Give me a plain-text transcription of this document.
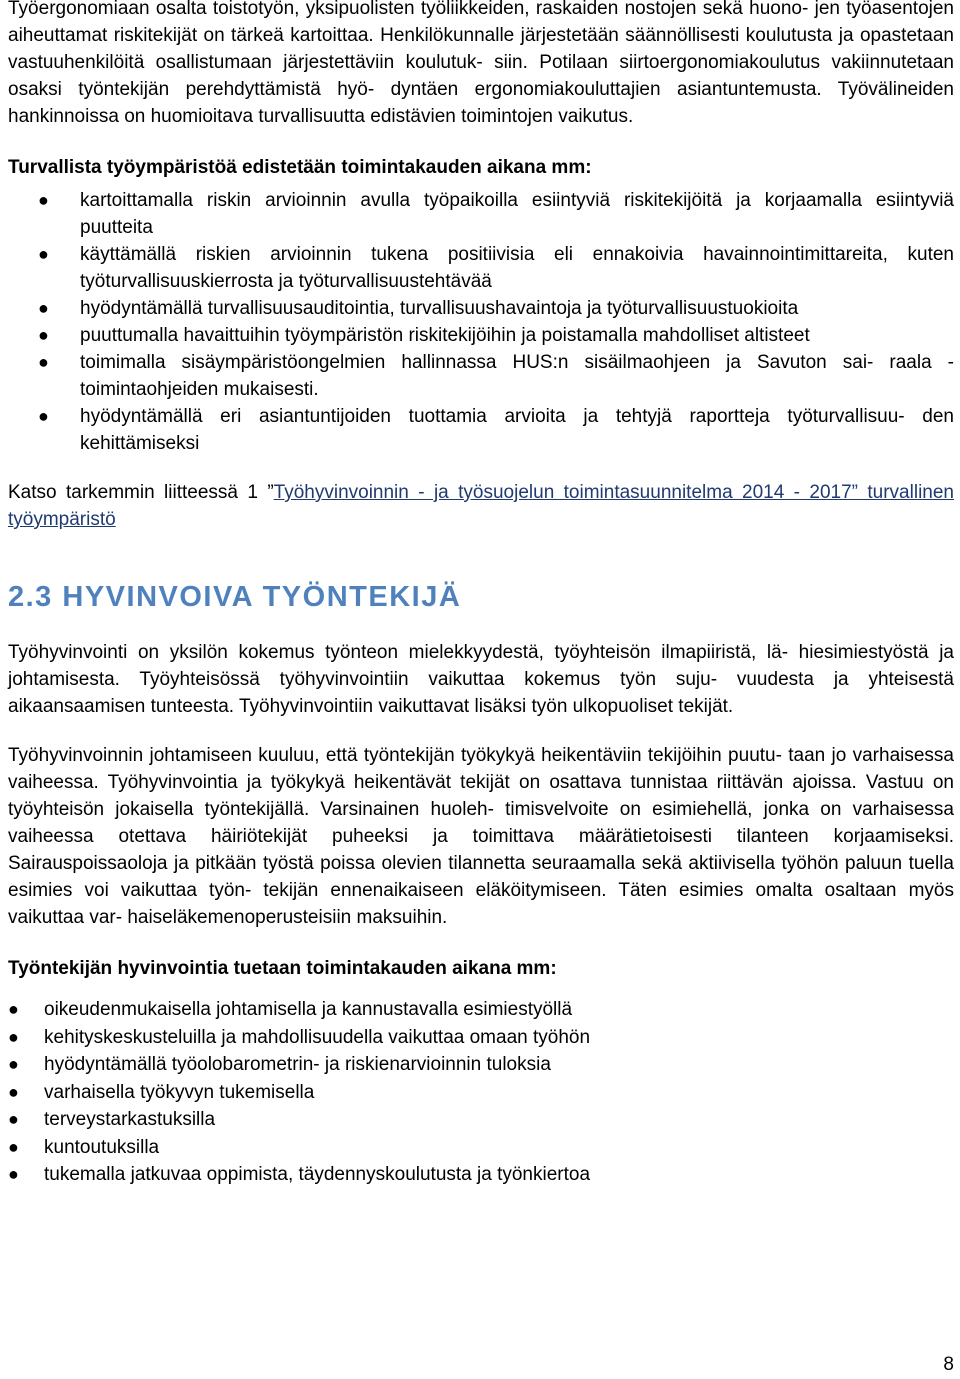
Työergonomiaan osalta toistotyön, yksipuolisten työliikkeiden, raskaiden nostojen sekä huono- jen työasentojen aiheuttamat riskitekijät on tärkeä kartoittaa. Henkilökunnalle järjestetään säännöllisesti koulutusta ja opastetaan vastuuhenkilöitä osallistumaan järjestettäviin koulutuk- siin. Potilaan siirtoergonomiakoulutus vakiinnutetaan osaksi työntekijän perehdyttämistä hyö- dyntäen ergonomiakouluttajien asiantuntemusta. Työvälineiden hankinnoissa on huomioitava turvallisuutta edistävien toimintojen vaikutus.

Turvallista työympäristöä edistetään toimintakauden aikana mm:
● kartoittamalla riskin arvioinnin avulla työpaikoilla esiintyviä riskitekijöitä ja korjaamalla esiintyviä puutteita
● käyttämällä riskien arvioinnin tukena positiivisia eli ennakoivia havainnointimittareita, kuten työturvallisuuskierrosta ja työturvallisuustehtävää
● hyödyntämällä turvallisuusauditointia, turvallisuushavaintoja ja työturvallisuustuokioita
● puuttumalla havaittuihin työympäristön riskitekijöihin ja poistamalla mahdolliset altisteet
● toimimalla sisäympäristöongelmien hallinnassa HUS:n sisäilmaohjeen ja Savuton sai- raala - toimintaohjeiden mukaisesti.
● hyödyntämällä eri asiantuntijoiden tuottamia arvioita ja tehtyjä raportteja työturvallisuu- den kehittämiseksi

Katso tarkemmin liitteessä 1 ”Työhyvinvoinnin - ja työsuojelun toimintasuunnitelma 2014 - 2017” turvallinen työympäristö

2.3 HYVINVOIVA TYÖNTEKIJÄ

Työhyvinvointi on yksilön kokemus työnteon mielekkyydestä, työyhteisön ilmapiiristä, lä- hiesimiestyöstä ja johtamisesta. Työyhteisössä työhyvinvointiin vaikuttaa kokemus työn suju- vuudesta ja yhteisestä aikaansaamisen tunteesta. Työhyvinvointiin vaikuttavat lisäksi työn ulkopuoliset tekijät.

Työhyvinvoinnin johtamiseen kuuluu, että työntekijän työkykyä heikentäviin tekijöihin puutu- taan jo varhaisessa vaiheessa. Työhyvinvointia ja työkykyä heikentävät tekijät on osattava tunnistaa riittävän ajoissa. Vastuu on työyhteisön jokaisella työntekijällä. Varsinainen huoleh- timisvelvoite on esimiehellä, jonka on varhaisessa vaiheessa otettava häiriötekijät puheeksi ja toimittava määrätietoisesti tilanteen korjaamiseksi. Sairauspoissaoloja ja pitkään työstä poissa olevien tilannetta seuraamalla sekä aktiivisella työhön paluun tuella esimies voi vaikuttaa työn- tekijän ennenaikaiseen eläköitymiseen. Täten esimies omalta osaltaan myös vaikuttaa var- haiseläkemenoperusteisiin maksuihin.

Työntekijän hyvinvointia tuetaan toimintakauden aikana mm:
● oikeudenmukaisella johtamisella ja kannustavalla esimiestyöllä
● kehityskeskusteluilla ja mahdollisuudella vaikuttaa omaan työhön
● hyödyntämällä työolobarometrin- ja riskienarvioinnin tuloksia
● varhaisella työkyvyn tukemisella
● terveystarkastuksilla
● kuntoutuksilla
● tukemalla jatkuvaa oppimista, täydennyskoulutusta ja työnkiertoa
8
